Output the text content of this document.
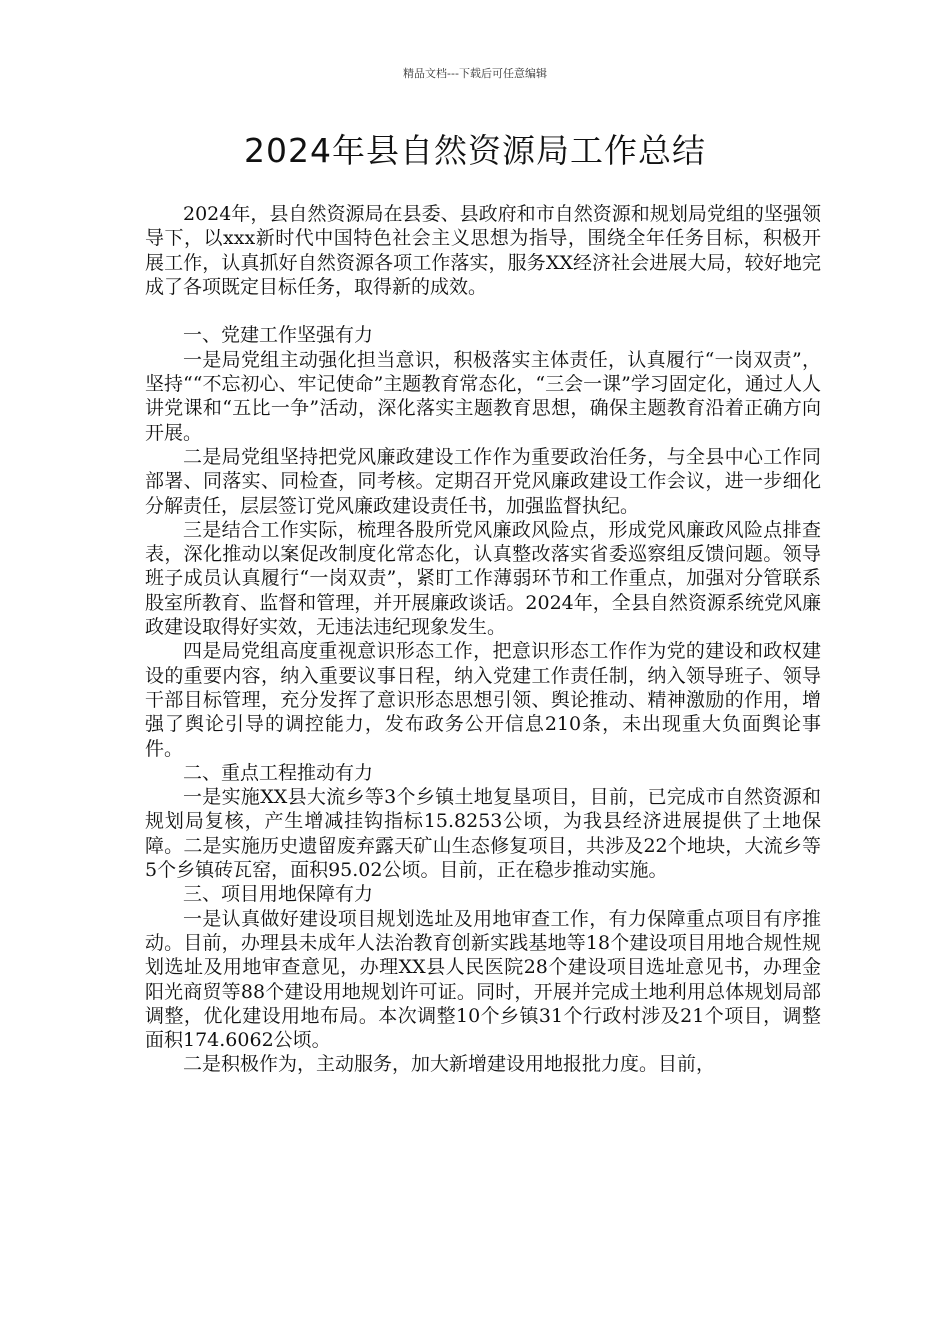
精品文档---下载后可任意编辑
2024年县自然资源局工作总结

2024年，县自然资源局在县委、县政府和市自然资源和规划局党组的坚强领导下，以xxx新时代中国特色社会主义思想为指导，围绕全年任务目标，积极开展工作，认真抓好自然资源各项工作落实，服务XX经济社会进展大局，较好地完成了各项既定目标任务，取得新的成效。

一、党建工作坚强有力

一是局党组主动强化担当意识，积极落实主体责任，认真履行“一岗双责”，坚持““不忘初心、牢记使命”主题教育常态化，“三会一课”学习固定化，通过人人讲党课和“五比一争”活动，深化落实主题教育思想，确保主题教育沿着正确方向开展。

二是局党组坚持把党风廉政建设工作作为重要政治任务，与全县中心工作同部署、同落实、同检查，同考核。定期召开党风廉政建设工作会议，进一步细化分解责任，层层签订党风廉政建设责任书，加强监督执纪。

三是结合工作实际，梳理各股所党风廉政风险点，形成党风廉政风险点排查表，深化推动以案促改制度化常态化，认真整改落实省委巡察组反馈问题。领导班子成员认真履行“一岗双责”，紧盯工作薄弱环节和工作重点，加强对分管联系股室所教育、监督和管理，并开展廉政谈话。2024年，全县自然资源系统党风廉政建设取得好实效，无违法违纪现象发生。

四是局党组高度重视意识形态工作，把意识形态工作作为党的建设和政权建设的重要内容，纳入重要议事日程，纳入党建工作责任制，纳入领导班子、领导干部目标管理，充分发挥了意识形态思想引领、舆论推动、精神激励的作用，增强了舆论引导的调控能力，发布政务公开信息210条，未出现重大负面舆论事件。

二、重点工程推动有力

一是实施XX县大流乡等3个乡镇土地复垦项目，目前，已完成市自然资源和规划局复核，产生增减挂钩指标15.8253公顷，为我县经济进展提供了土地保障。二是实施历史遗留废弃露天矿山生态修复项目，共涉及22个地块，大流乡等5个乡镇砖瓦窑，面积95.02公顷。目前，正在稳步推动实施。

三、项目用地保障有力

一是认真做好建设项目规划选址及用地审查工作，有力保障重点项目有序推动。目前，办理县未成年人法治教育创新实践基地等18个建设项目用地合规性规划选址及用地审查意见，办理XX县人民医院28个建设项目选址意见书，办理金阳光商贸等88个建设用地规划许可证。同时，开展并完成土地利用总体规划局部调整，优化建设用地布局。本次调整10个乡镇31个行政村涉及21个项目，调整面积174.6062公顷。

二是积极作为，主动服务，加大新增建设用地报批力度。目前，
